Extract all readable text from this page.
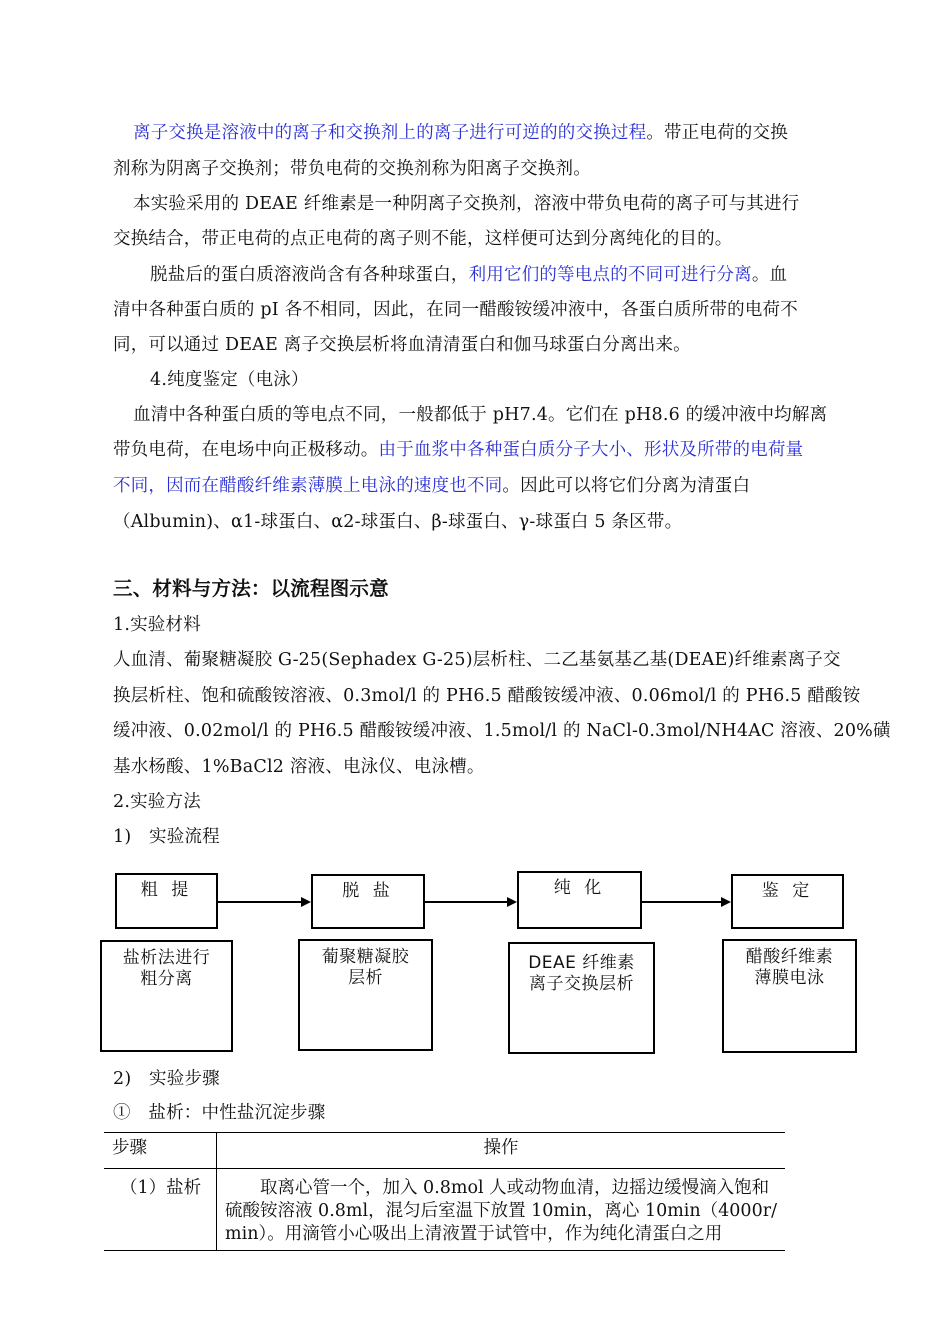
离子交换是溶液中的离子和交换剂上的离子进行可逆的的交换过程。带正电荷的交换
剂称为阴离子交换剂；带负电荷的交换剂称为阳离子交换剂。
本实验采用的 DEAE 纤维素是一种阴离子交换剂，溶液中带负电荷的离子可与其进行
交换结合，带正电荷的点正电荷的离子则不能，这样便可达到分离纯化的目的。
脱盐后的蛋白质溶液尚含有各种球蛋白，利用它们的等电点的不同可进行分离。血
清中各种蛋白质的 pI 各不相同，因此，在同一醋酸铵缓冲液中，各蛋白质所带的电荷不
同，可以通过 DEAE 离子交换层析将血清清蛋白和伽马球蛋白分离出来。
4.纯度鉴定（电泳）
血清中各种蛋白质的等电点不同，一般都低于 pH7.4。它们在 pH8.6 的缓冲液中均解离
带负电荷，在电场中向正极移动。由于血浆中各种蛋白质分子大小、形状及所带的电荷量
不同，因而在醋酸纤维素薄膜上电泳的速度也不同。因此可以将它们分离为清蛋白
（Albumin)、α1-球蛋白、α2-球蛋白、β-球蛋白、γ-球蛋白 5 条区带。
三、材料与方法：以流程图示意
1.实验材料
人血清、葡聚糖凝胶 G-25(Sephadex G-25)层析柱、二乙基氨基乙基(DEAE)纤维素离子交
换层析柱、饱和硫酸铵溶液、0.3mol/l 的 PH6.5 醋酸铵缓冲液、0.06mol/l 的 PH6.5 醋酸铵
缓冲液、0.02mol/l 的 PH6.5 醋酸铵缓冲液、1.5mol/l 的 NaCl-0.3mol/NH4AC 溶液、20%磺
基水杨酸、1%BaCl2 溶液、电泳仪、电泳槽。
2.实验方法
1)　实验流程
粗 提	脱 盐	纯 化	鉴 定
盐析法进行
粗分离
葡聚糖凝胶
层析
DEAE 纤维素
离子交换层析
醋酸纤维素
薄膜电泳
2)　实验步骤
①　盐析：中性盐沉淀步骤
步骤	操作
（1）盐析	　　取离心管一个，加入 0.8mol 人或动物血清，边摇边缓慢滴入饱和
硫酸铵溶液 0.8ml，混匀后室温下放置 10min，离心 10min（4000r/
min）。用滴管小心吸出上清液置于试管中，作为纯化清蛋白之用
